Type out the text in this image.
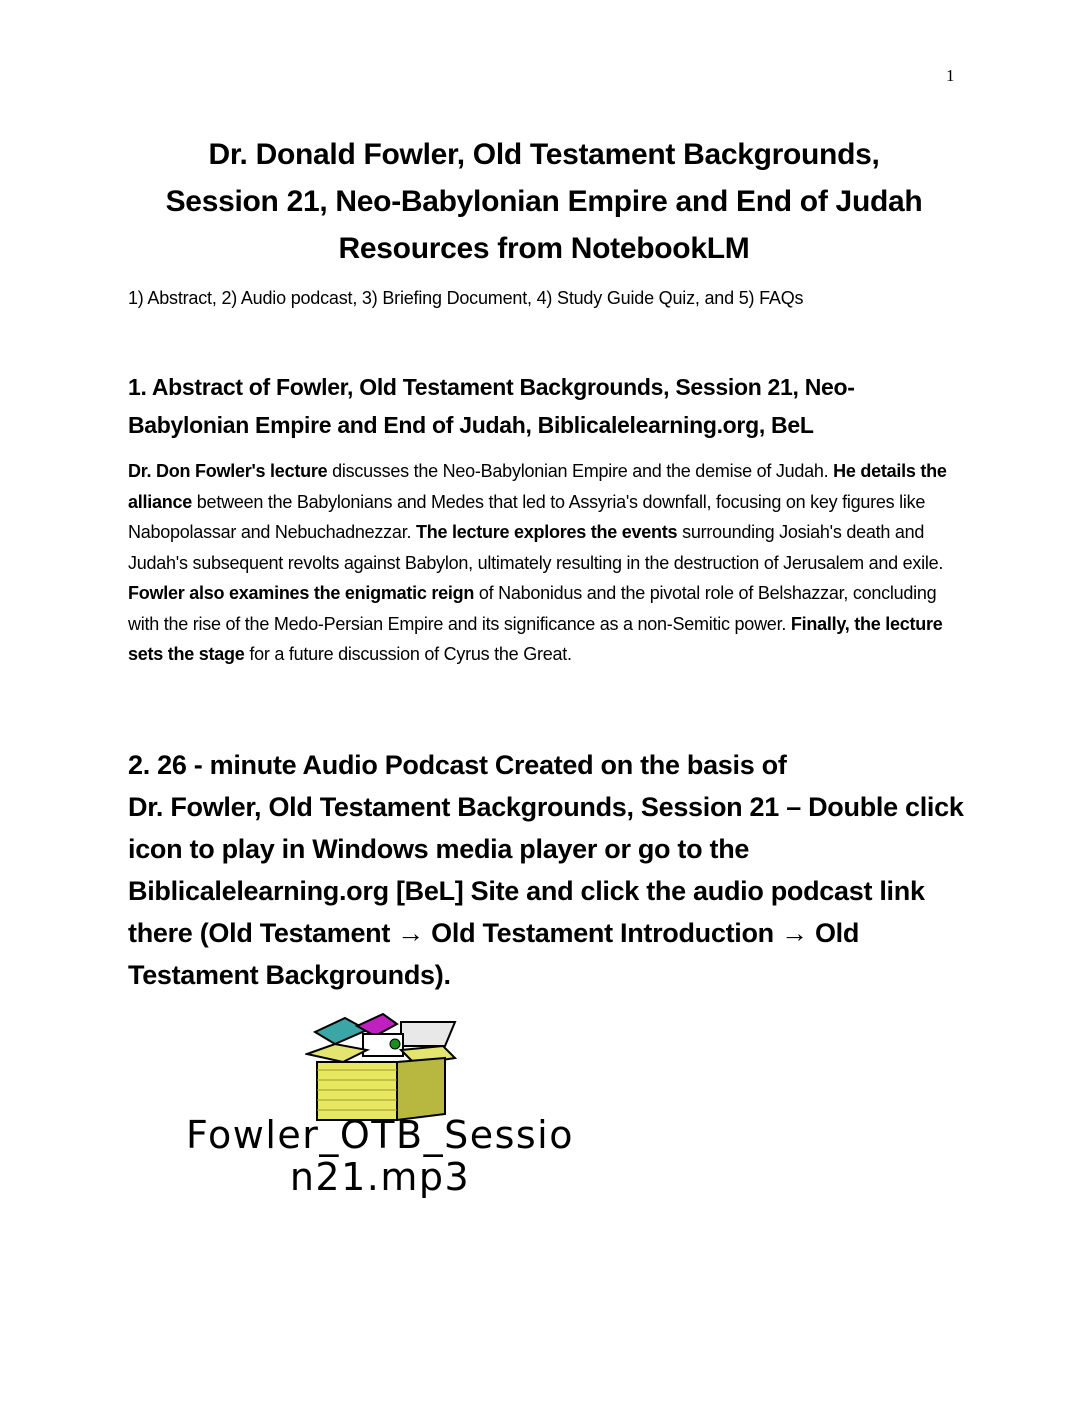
1
Dr. Donald Fowler, Old Testament Backgrounds,
Session 21, Neo-Babylonian Empire and End of Judah
Resources from NotebookLM
1) Abstract, 2) Audio podcast, 3) Briefing Document, 4) Study Guide Quiz, and 5) FAQs
1. Abstract of Fowler, Old Testament Backgrounds, Session 21, Neo-
Babylonian Empire and End of Judah, Biblicalelearning.org, BeL
Dr. Don Fowler's lecture discusses the Neo-Babylonian Empire and the demise of Judah. He details the alliance between the Babylonians and Medes that led to Assyria's downfall, focusing on key figures like Nabopolassar and Nebuchadnezzar. The lecture explores the events surrounding Josiah's death and Judah's subsequent revolts against Babylon, ultimately resulting in the destruction of Jerusalem and exile. Fowler also examines the enigmatic reign of Nabonidus and the pivotal role of Belshazzar, concluding with the rise of the Medo-Persian Empire and its significance as a non-Semitic power. Finally, the lecture sets the stage for a future discussion of Cyrus the Great.
2. 26 - minute Audio Podcast Created on the basis of
Dr. Fowler, Old Testament Backgrounds, Session 21 – Double click icon to play in Windows media player or go to the Biblicalelearning.org [BeL] Site and click the audio podcast link there (Old Testament → Old Testament Introduction → Old Testament Backgrounds).
Fowler_OTB_Sessio
n21.mp3
